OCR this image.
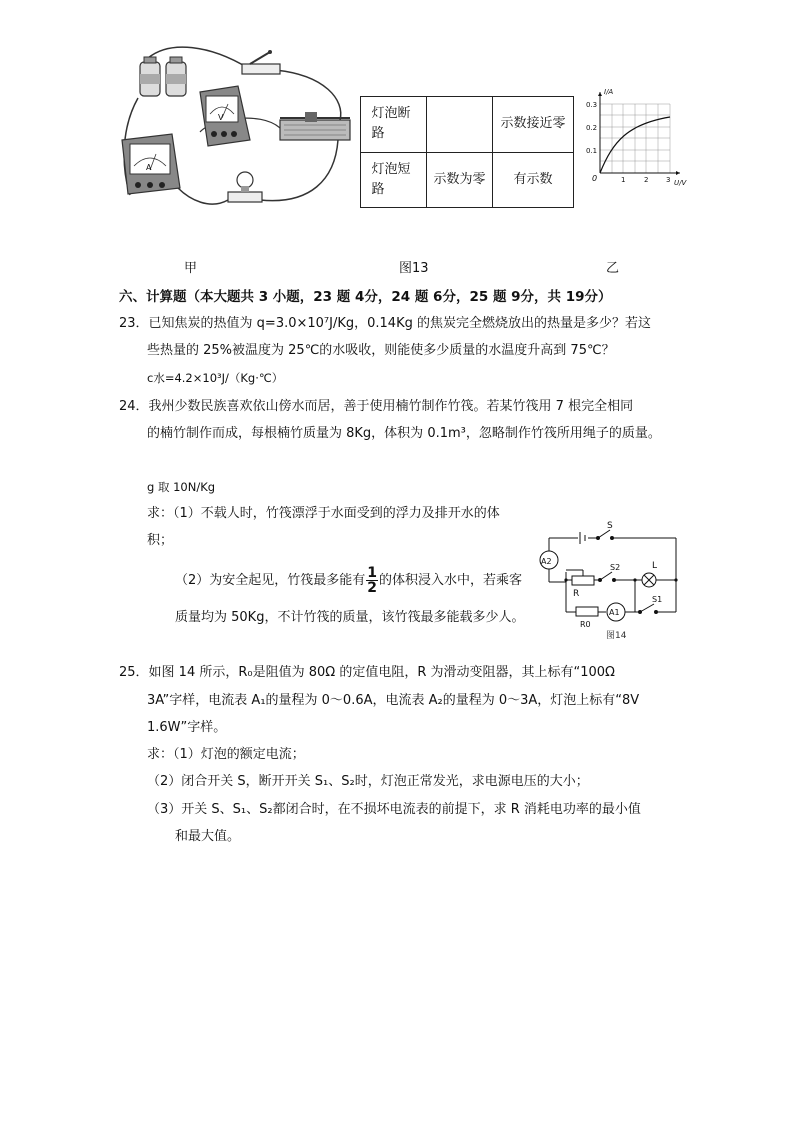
V
A
灯泡断路		示数接近零
灯泡短路	示数为零	有示数
I/A
U/V
0
0.1
0.2
0.3
1	2	3
甲	图13	乙
六、计算题（本大题共 3 小题，23 题 4分，24 题 6分，25 题 9分，共 19分）
23．已知焦炭的热值为 q=3.0×10⁷J/Kg，0.14Kg 的焦炭完全燃烧放出的热量是多少？若这
些热量的 25%被温度为 25℃的水吸收，则能使多少质量的水温度升高到 75℃？
c水=4.2×10³J/（Kg·℃）
24．我州少数民族喜欢依山傍水而居，善于使用楠竹制作竹筏。若某竹筏用 7 根完全相同
的楠竹制作而成，每根楠竹质量为 8Kg，体积为 0.1m³，忽略制作竹筏所用绳子的质量。
g 取 10N/Kg
求：（1）不载人时，竹筏漂浮于水面受到的浮力及排开水的体
积；
（2）为安全起见，竹筏最多能有 $\frac{1}{2}$ 的体积浸入水中，若乘客
质量均为 50Kg，不计竹筏的质量，该竹筏最多能载多少人。
S
A2
R
S2	L
A1
S1
R0
图14
25．如图 14 所示，R₀是阻值为 80Ω 的定值电阻，R 为滑动变阻器，其上标有“100Ω
3A”字样，电流表 A₁的量程为 0～0.6A，电流表 A₂的量程为 0～3A，灯泡上标有“8V
1.6W”字样。
求：（1）灯泡的额定电流；
（2）闭合开关 S，断开开关 S₁、S₂时，灯泡正常发光，求电源电压的大小；
（3）开关 S、S₁、S₂都闭合时，在不损坏电流表的前提下，求 R 消耗电功率的最小值
和最大值。
